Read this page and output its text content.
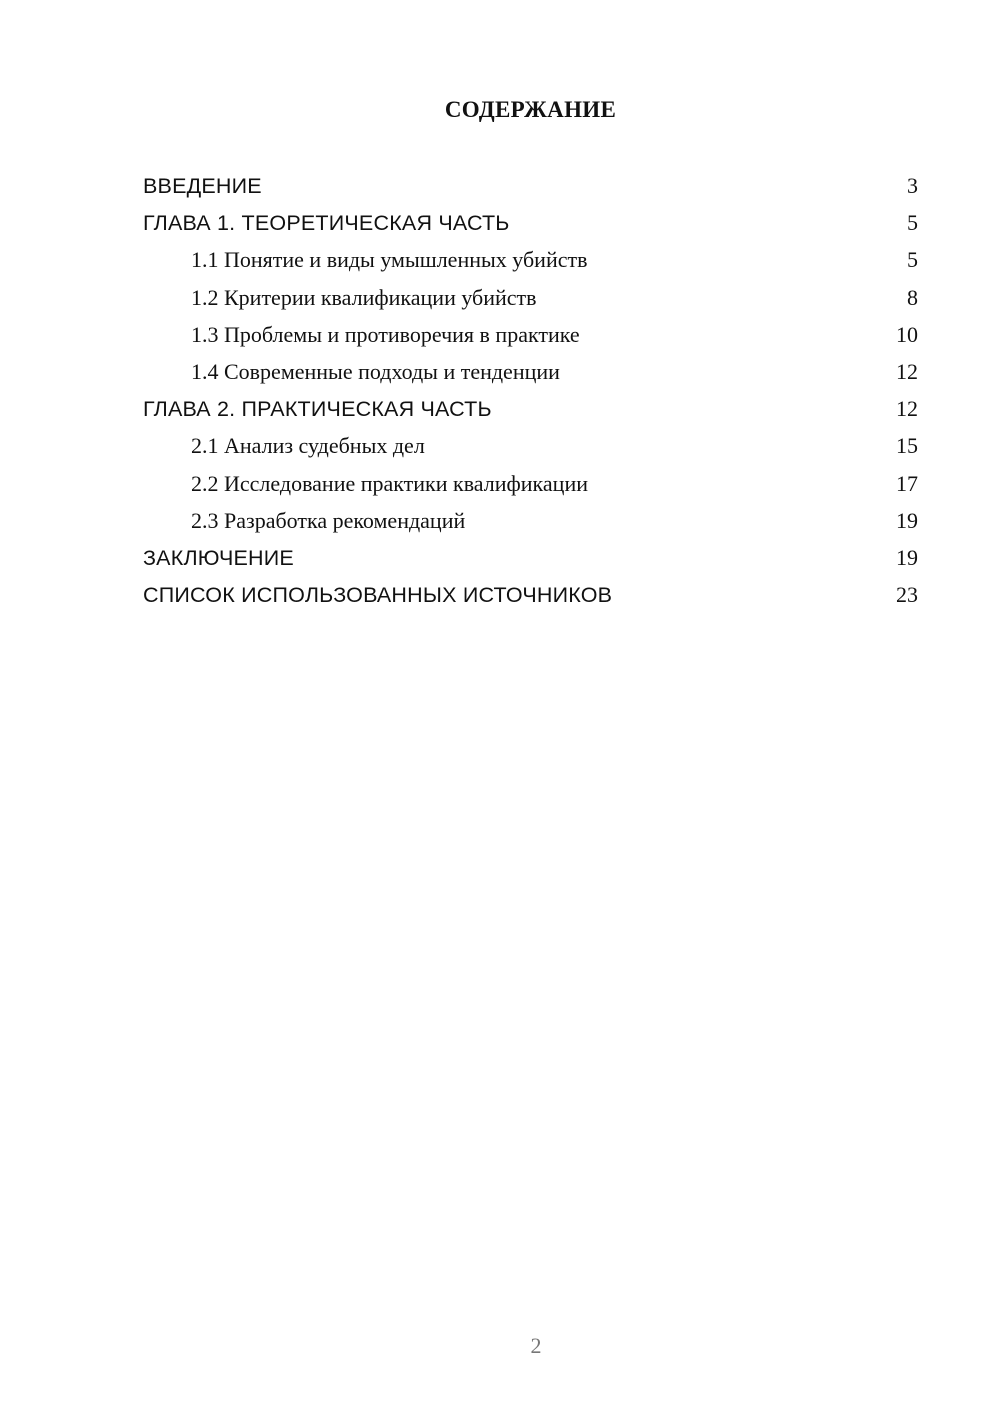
СОДЕРЖАНИЕ
ВВЕДЕНИЕ	3
ГЛАВА 1. ТЕОРЕТИЧЕСКАЯ ЧАСТЬ	5
1.1 Понятие и виды умышленных убийств	5
1.2 Критерии квалификации убийств	8
1.3 Проблемы и противоречия в практике	10
1.4 Современные подходы и тенденции	12
ГЛАВА 2. ПРАКТИЧЕСКАЯ ЧАСТЬ	12
2.1 Анализ судебных дел	15
2.2 Исследование практики квалификации	17
2.3 Разработка рекомендаций	19
ЗАКЛЮЧЕНИЕ	19
СПИСОК ИСПОЛЬЗОВАННЫХ ИСТОЧНИКОВ	23
2
